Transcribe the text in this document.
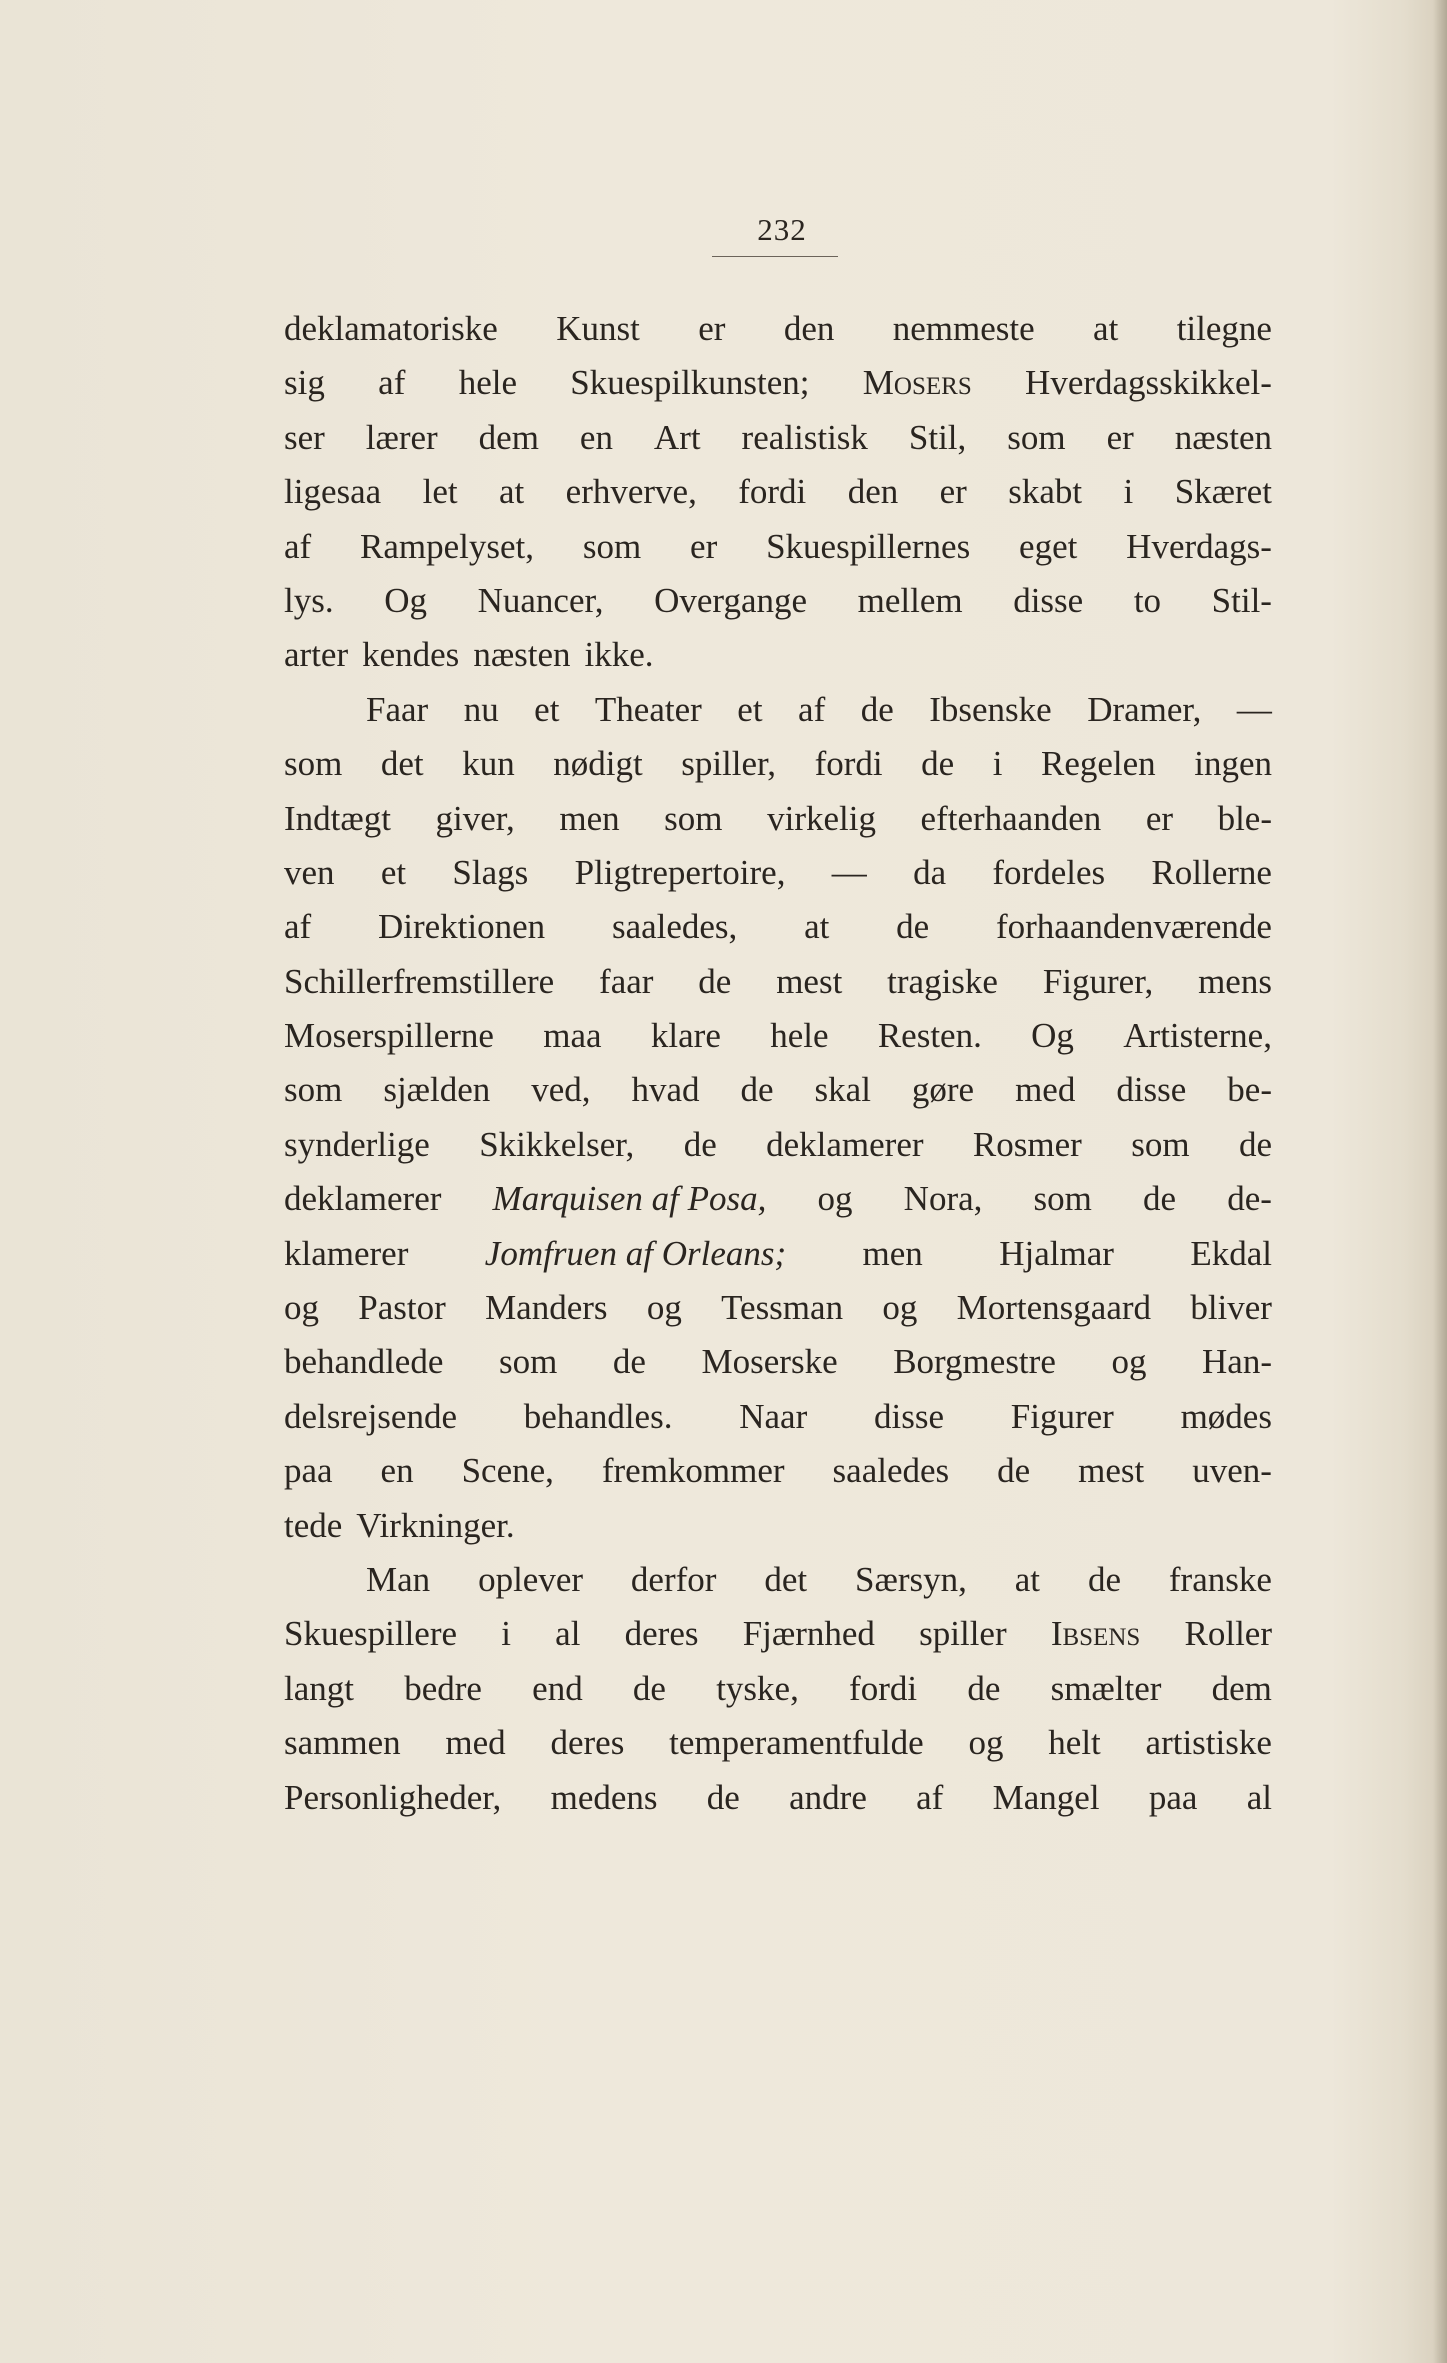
232
deklamatoriske Kunst er den nemmeste at tilegne
sig af hele Skuespilkunsten; Mosers Hverdagsskikkel-
ser lærer dem en Art realistisk Stil, som er næsten
ligesaa let at erhverve, fordi den er skabt i Skæret
af Rampelyset, som er Skuespillernes eget Hverdags-
lys. Og Nuancer, Overgange mellem disse to Stil-
arter kendes næsten ikke.
Faar nu et Theater et af de Ibsenske Dramer, —
som det kun nødigt spiller, fordi de i Regelen ingen
Indtægt giver, men som virkelig efterhaanden er ble-
ven et Slags Pligtrepertoire, — da fordeles Rollerne
af Direktionen saaledes, at de forhaandenværende
Schillerfremstillere faar de mest tragiske Figurer, mens
Moserspillerne maa klare hele Resten. Og Artisterne,
som sjælden ved, hvad de skal gøre med disse be-
synderlige Skikkelser, de deklamerer Rosmer som de
deklamerer Marquisen af Posa, og Nora, som de de-
klamerer Jomfruen af Orleans; men Hjalmar Ekdal
og Pastor Manders og Tessman og Mortensgaard bliver
behandlede som de Moserske Borgmestre og Han-
delsrejsende behandles. Naar disse Figurer mødes
paa en Scene, fremkommer saaledes de mest uven-
tede Virkninger.
Man oplever derfor det Særsyn, at de franske
Skuespillere i al deres Fjærnhed spiller Ibsens Roller
langt bedre end de tyske, fordi de smælter dem
sammen med deres temperamentfulde og helt artistiske
Personligheder, medens de andre af Mangel paa al
